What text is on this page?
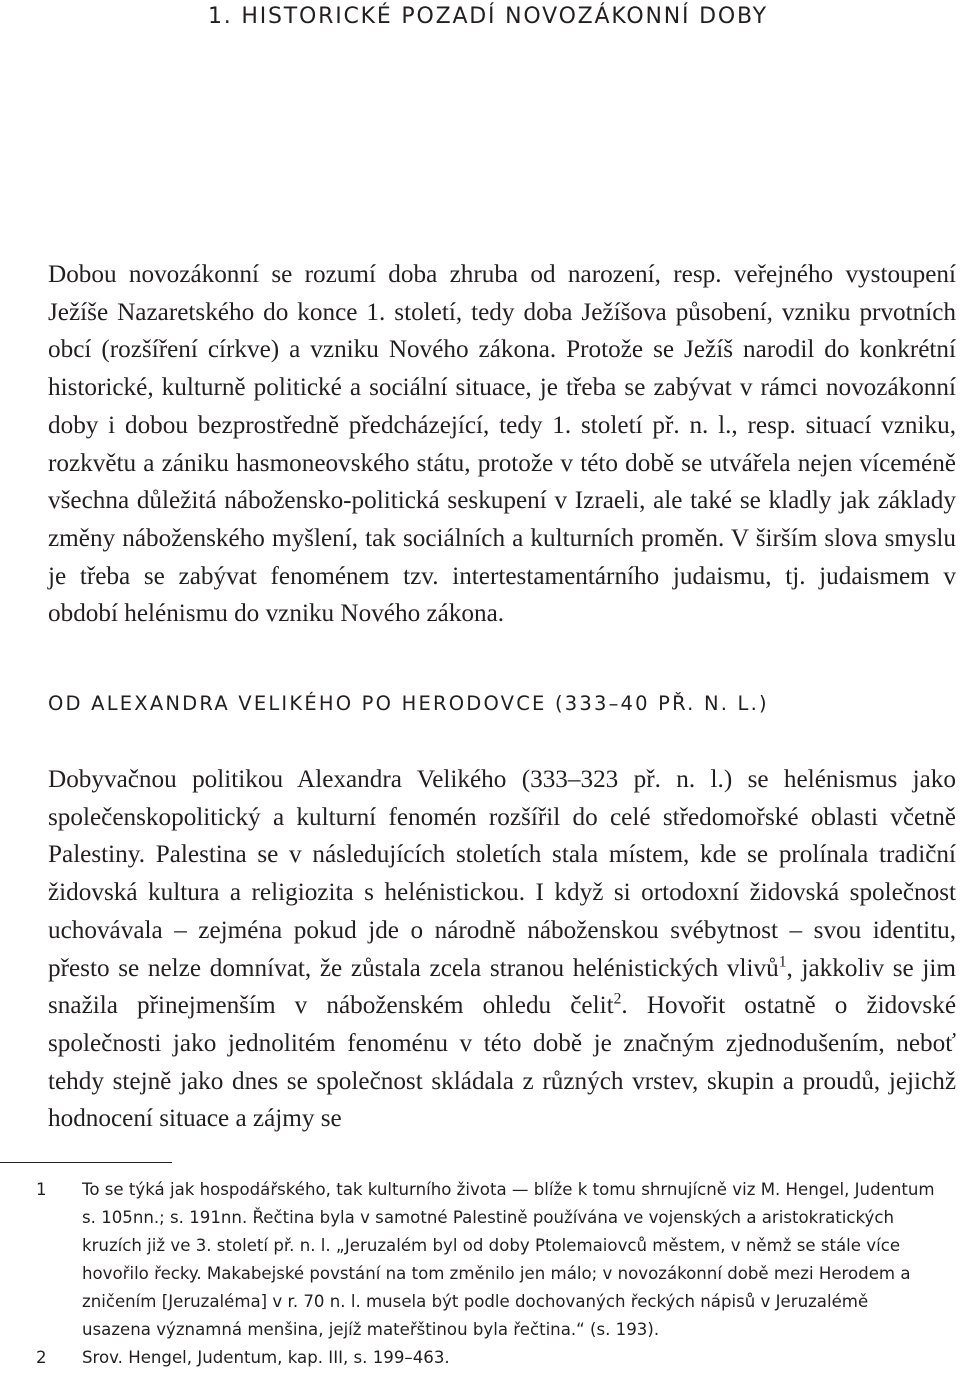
1. HISTORICKÉ POZADÍ NOVOZÁKONNÍ DOBY

Dobou novozákonní se rozumí doba zhruba od narození, resp. veřejného vystoupení Ježíše Nazaretského do konce 1. století, tedy doba Ježíšova působení, vzniku prvotních obcí (rozšíření církve) a vzniku Nového zákona. Protože se Ježíš narodil do konkrétní historické, kulturně politické a sociální situace, je třeba se zabývat v rámci novozákonní doby i dobou bezprostředně předcházející, tedy 1. století př. n. l., resp. situací vzniku, rozkvětu a zániku hasmoneovského státu, protože v této době se utvářela nejen víceméně všechna důležitá nábožensko-politická seskupení v Izraeli, ale také se kladly jak základy změny náboženského myšlení, tak sociálních a kulturních proměn. V širším slova smyslu je třeba se zabývat fenoménem tzv. intertestamentárního judaismu, tj. judaismem v období helénismu do vzniku Nového zákona.

OD ALEXANDRA VELIKÉHO PO HERODOVCE (333–40 PŘ. N. L.)

Dobyvačnou politikou Alexandra Velikého (333–323 př. n. l.) se helénismus jako společenskopolitický a kulturní fenomén rozšířil do celé středomořské oblasti včetně Palestiny. Palestina se v následujících stoletích stala místem, kde se prolínala tradiční židovská kultura a religiozita s helénistickou. I když si ortodoxní židovská společnost uchovávala – zejména pokud jde o národně náboženskou svébytnost – svou identitu, přesto se nelze domnívat, že zůstala zcela stranou helénistických vlivů$^1$, jakkoliv se jim snažila přinejmenším v náboženském ohledu čelit$^2$. Hovořit ostatně o židovské společnosti jako jednolitém fenoménu v této době je značným zjednodušením, neboť tehdy stejně jako dnes se společnost skládala z různých vrstev, skupin a proudů, jejichž hodnocení situace a zájmy se

1 To se týká jak hospodářského, tak kulturního života — blíže k tomu shrnujícně viz M. Hengel, Judentum s. 105nn.; s. 191nn. Řečtina byla v samotné Palestině používána ve vojenských a aristokratických kruzích již ve 3. století př. n. l. „Jeruzalém byl od doby Ptolemaiovců městem, v němž se stále více hovořilo řecky. Makabejské povstání na tom změnilo jen málo; v novozákonní době mezi Herodem a zničením [Jeruzaléma] v r. 70 n. l. musela být podle dochovaných řeckých nápisů v Jeruzalémě usazena významná menšina, jejíž mateřštinou byla řečtina.“ (s. 193).

2 Srov. Hengel, Judentum, kap. III, s. 199–463.
